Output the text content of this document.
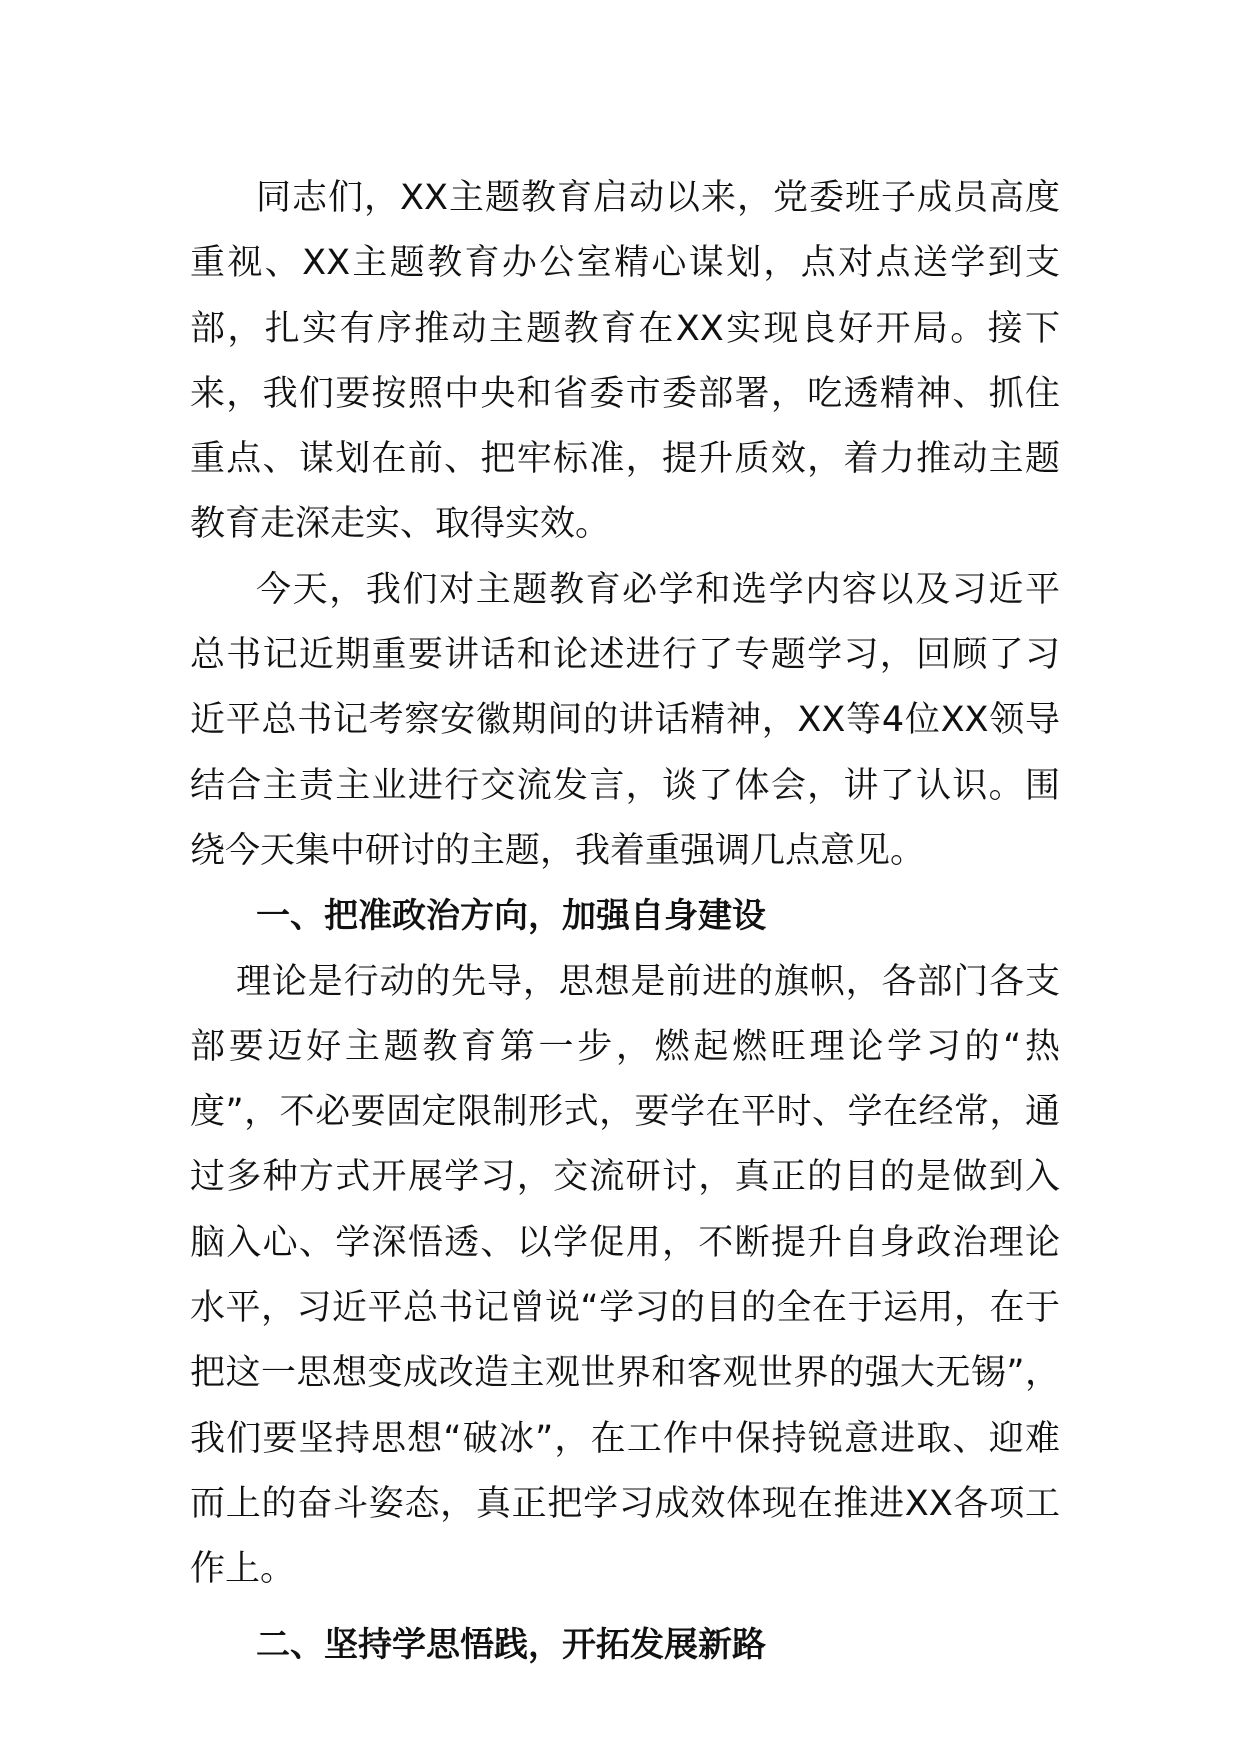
同志们，XX主题教育启动以来，党委班子成员高度重视、XX主题教育办公室精心谋划，点对点送学到支部，扎实有序推动主题教育在XX实现良好开局。接下来，我们要按照中央和省委市委部署，吃透精神、抓住重点、谋划在前、把牢标准，提升质效，着力推动主题教育走深走实、取得实效。

今天，我们对主题教育必学和选学内容以及习近平总书记近期重要讲话和论述进行了专题学习，回顾了习近平总书记考察安徽期间的讲话精神，XX等4位XX领导结合主责主业进行交流发言，谈了体会，讲了认识。围绕今天集中研讨的主题，我着重强调几点意见。

一、把准政治方向，加强自身建设

理论是行动的先导，思想是前进的旗帜，各部门各支部要迈好主题教育第一步，燃起燃旺理论学习的“热度”，不必要固定限制形式，要学在平时、学在经常，通过多种方式开展学习，交流研讨，真正的目的是做到入脑入心、学深悟透、以学促用，不断提升自身政治理论水平，习近平总书记曾说“学习的目的全在于运用，在于把这一思想变成改造主观世界和客观世界的强大无锡”，我们要坚持思想“破冰”，在工作中保持锐意进取、迎难而上的奋斗姿态，真正把学习成效体现在推进XX各项工作上。

二、坚持学思悟践，开拓发展新路
